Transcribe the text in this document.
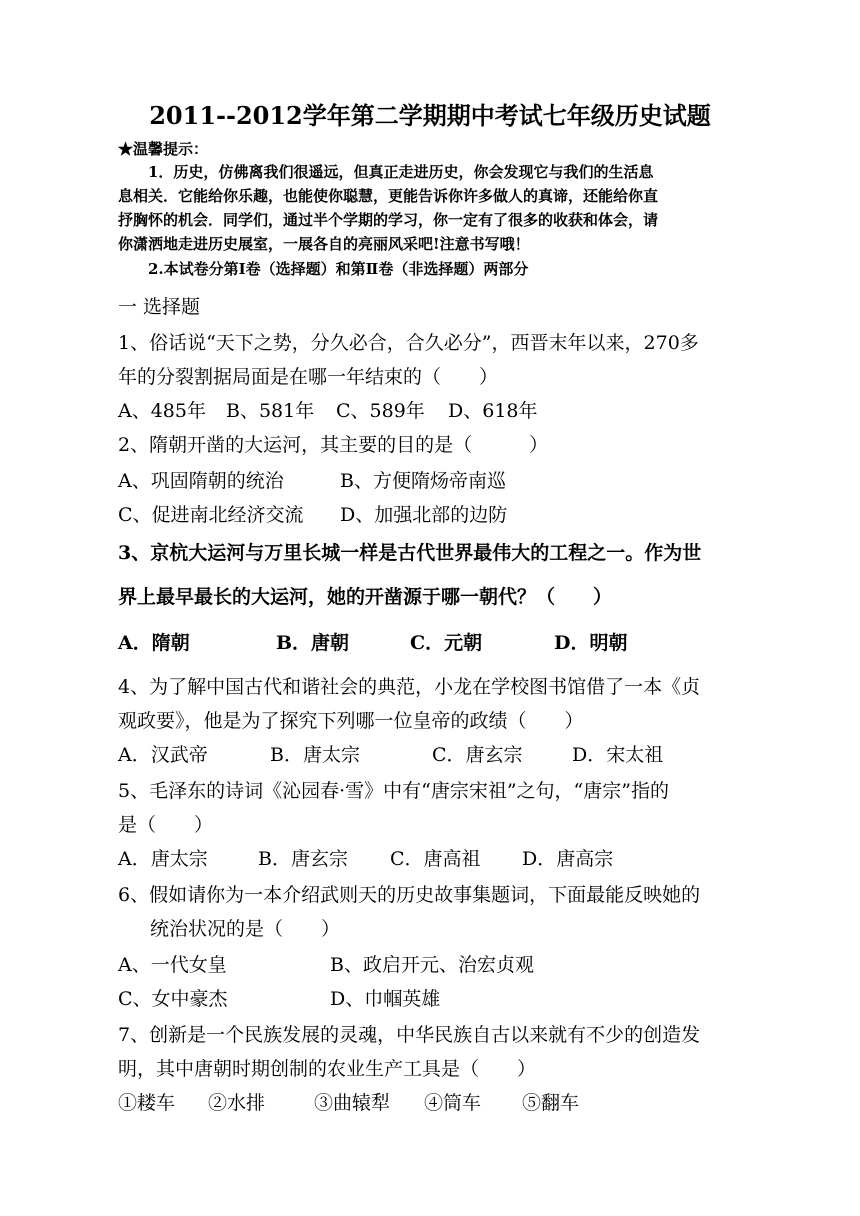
2011--2012学年第二学期期中考试七年级历史试题
★温馨提示：
1．历史，仿佛离我们很遥远，但真正走进历史，你会发现它与我们的生活息
息相关．它能给你乐趣，也能使你聪慧，更能告诉你许多做人的真谛，还能给你直
抒胸怀的机会．同学们，通过半个学期的学习，你一定有了很多的收获和体会，请
你潇洒地走进历史展室，一展各自的亮丽风采吧!注意书写哦！
2.本试卷分第Ⅰ卷（选择题）和第Ⅱ卷（非选择题）两部分
一 选择题
1、俗话说“天下之势，分久必合，合久必分”，西晋末年以来，270多
年的分裂割据局面是在哪一年结束的（　　）
A、485年 B、581年 C、589年 D、618年
2、隋朝开凿的大运河，其主要的目的是（　　　）
A、巩固隋朝的统治	B、方便隋炀帝南巡
C、促进南北经济交流 D、加强北部的边防
3、京杭大运河与万里长城一样是古代世界最伟大的工程之一。作为世
界上最早最长的大运河，她的开凿源于哪一朝代？（　　）
A．隋朝	B．唐朝	C．元朝	D．明朝
4、为了解中国古代和谐社会的典范，小龙在学校图书馆借了一本《贞
观政要》，他是为了探究下列哪一位皇帝的政绩（　　）
A．汉武帝	B．唐太宗	C．唐玄宗	D．宋太祖
5、毛泽东的诗词《沁园春·雪》中有“唐宗宋祖”之句，“唐宗”指的
是（　　）
A．唐太宗	B．唐玄宗 C．唐高祖 D．唐高宗
6、假如请你为一本介绍武则天的历史故事集题词，下面最能反映她的
统治状况的是（　　）
A、一代女皇	B、政启开元、治宏贞观
C、女中豪杰	D、巾帼英雄
7、创新是一个民族发展的灵魂，中华民族自古以来就有不少的创造发
明，其中唐朝时期创制的农业生产工具是（　　）
①耧车 ②水排	③曲辕犁 ④筒车 ⑤翻车
